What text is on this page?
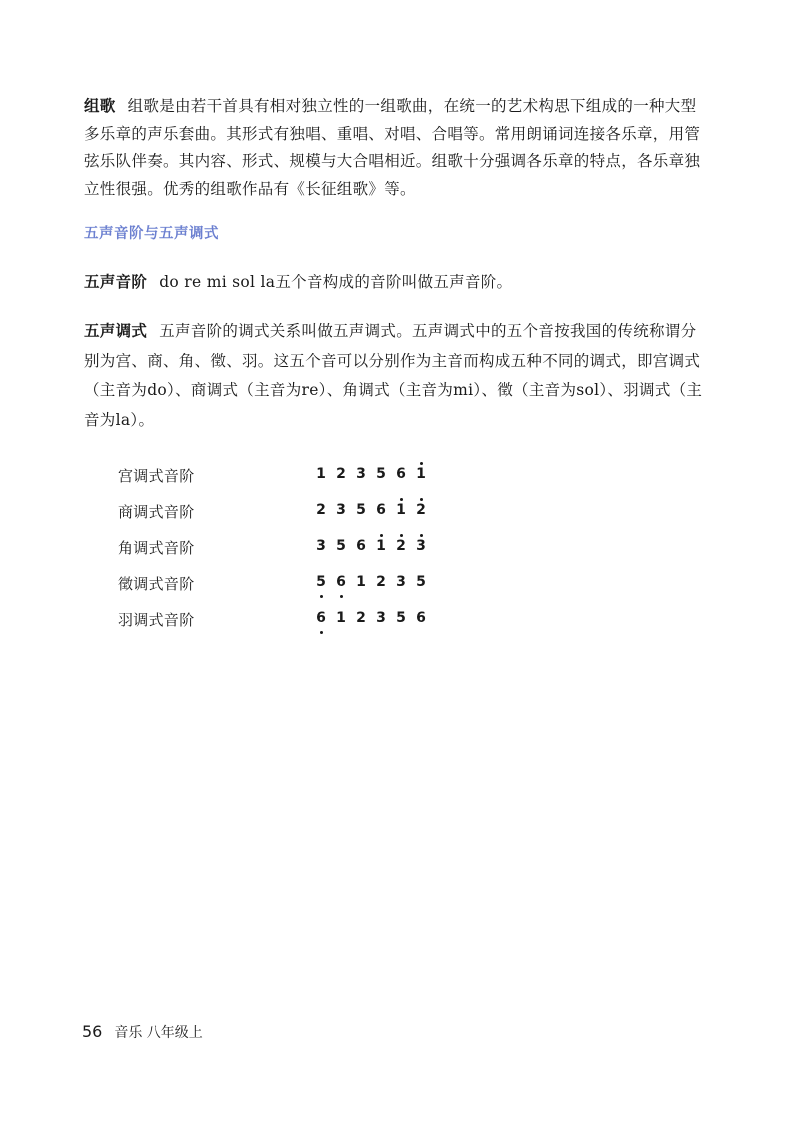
组歌 组歌是由若干首具有相对独立性的一组歌曲，在统一的艺术构思下组成的一种大型多乐章的声乐套曲。其形式有独唱、重唱、对唱、合唱等。常用朗诵词连接各乐章，用管弦乐队伴奏。其内容、形式、规模与大合唱相近。组歌十分强调各乐章的特点，各乐章独立性很强。优秀的组歌作品有《长征组歌》等。

五声音阶与五声调式

五声音阶 do re mi sol la五个音构成的音阶叫做五声音阶。

五声调式 五声音阶的调式关系叫做五声调式。五声调式中的五个音按我国的传统称谓分别为宫、商、角、徵、羽。这五个音可以分别作为主音而构成五种不同的调式，即宫调式（主音为do）、商调式（主音为re）、角调式（主音为mi）、徵（主音为sol）、羽调式（主音为la）。

宫调式音阶	1 2 3 5 6 1
商调式音阶	2 3 5 6 1 2
角调式音阶	3 5 6 1 2 3
徵调式音阶	5 6 1 2 3 5
羽调式音阶	6 1 2 3 5 6
56 音乐 八年级上
